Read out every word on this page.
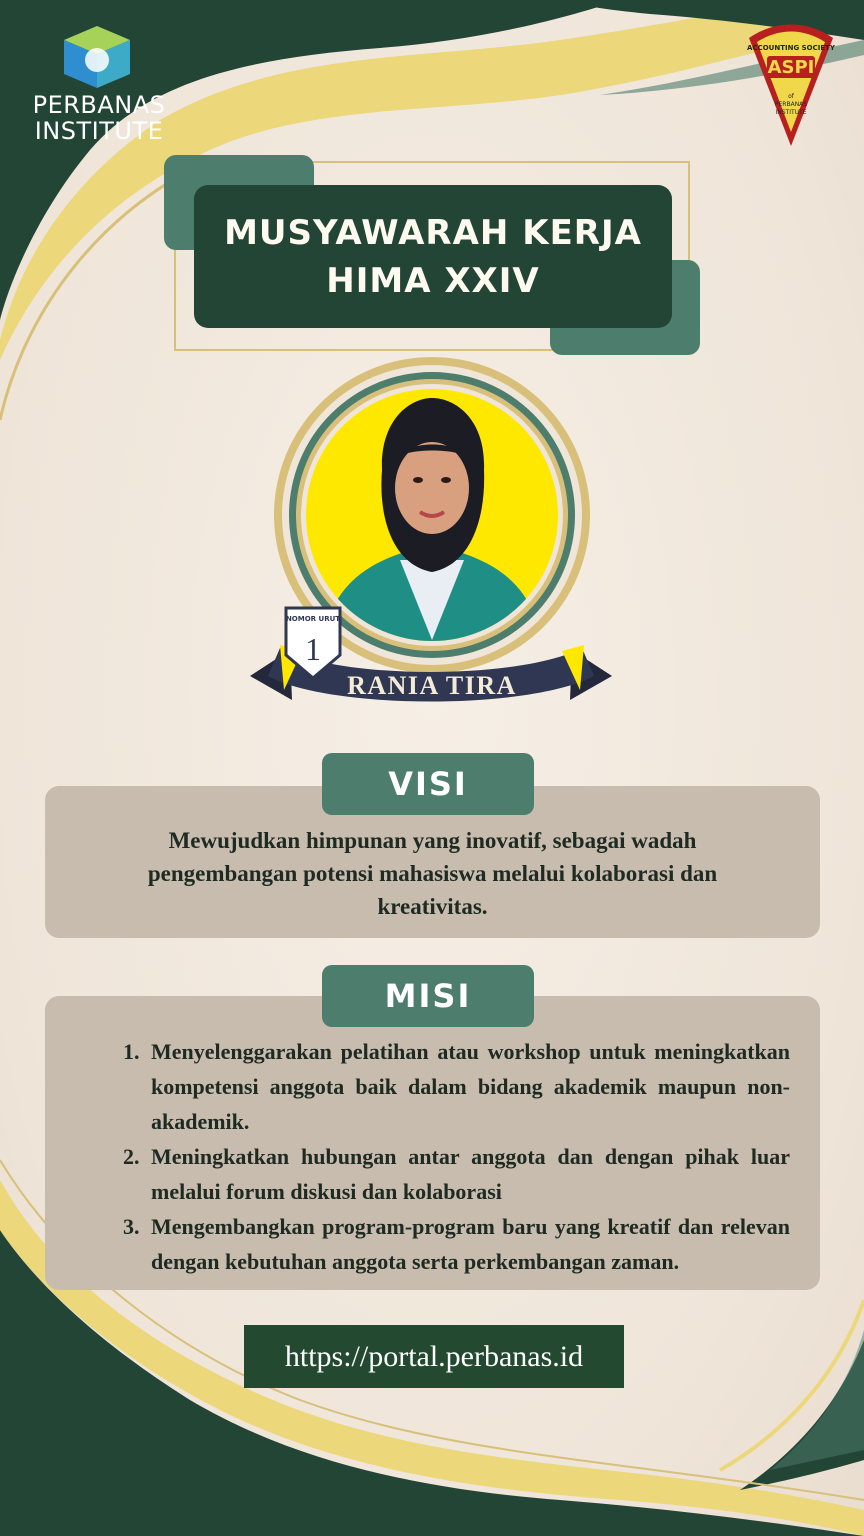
PERBANAS
INSTITUTE
ACCOUNTING SOCIETY
ASPI
of
PERBANAS
INSTITUTE

MUSYAWARAH KERJA
HIMA XXIV

RANIA TIRA
NOMOR URUT
1

Mewujudkan himpunan yang inovatif, sebagai wadah pengembangan potensi mahasiswa melalui kolaborasi dan kreativitas.

VISI
1. Menyelenggarakan pelatihan atau workshop untuk meningkatkan kompetensi anggota baik dalam bidang akademik maupun non-akademik.
2. Meningkatkan hubungan antar anggota dan dengan pihak luar melalui forum diskusi dan kolaborasi
3. Mengembangkan program-program baru yang kreatif dan relevan dengan kebutuhan anggota serta perkembangan zaman.
MISI
https://portal.perbanas.id
